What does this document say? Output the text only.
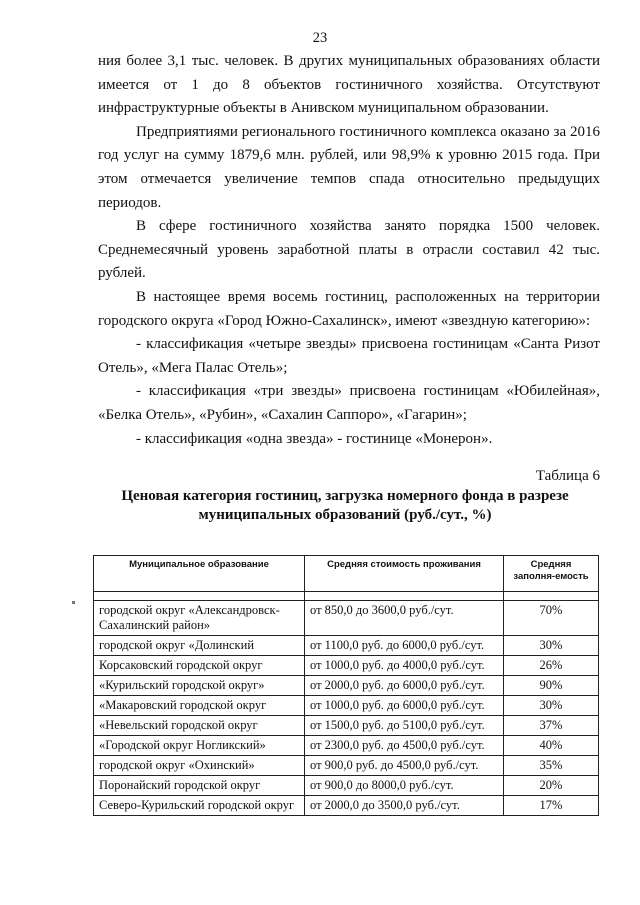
23

ния более 3,1 тыс. человек. В других муниципальных образованиях области имеется от 1 до 8 объектов гостиничного хозяйства. Отсутствуют инфраструктурные объекты в Анивском муниципальном образовании.

Предприятиями регионального гостиничного комплекса оказано за 2016 год услуг на сумму 1879,6 млн. рублей, или 98,9% к уровню 2015 года. При этом отмечается увеличение темпов спада относительно предыдущих периодов.

В сфере гостиничного хозяйства занято порядка 1500 человек. Среднемесячный уровень заработной платы в отрасли составил 42 тыс. рублей.

В настоящее время восемь гостиниц, расположенных на территории городского округа «Город Южно-Сахалинск», имеют «звездную категорию»:

- классификация «четыре звезды» присвоена гостиницам «Санта Ризот Отель», «Мега Палас Отель»;

- классификация «три звезды» присвоена гостиницам «Юбилейная», «Белка Отель», «Рубин», «Сахалин Саппоро», «Гагарин»;

- классификация «одна звезда» - гостинице «Монерон».

Таблица 6
Ценовая категория гостиниц, загрузка номерного фонда в разрезе муниципальных образований (руб./сут., %)
Муниципальное образование	Средняя стоимость проживания	Средняя заполня-емость

городской округ «Александровск-Сахалинский район»	от 850,0 до 3600,0 руб./сут.	70%
городской округ «Долинский	от 1100,0 руб. до 6000,0 руб./сут.	30%
Корсаковский городской округ	от 1000,0 руб. до 4000,0 руб./сут.	26%
«Курильский городской округ»	от 2000,0 руб. до 6000,0 руб./сут.	90%
«Макаровский городской округ	от 1000,0 руб. до 6000,0 руб./сут.	30%
«Невельский городской округ	от 1500,0 руб. до 5100,0 руб./сут.	37%
«Городской округ Ногликский»	от 2300,0 руб. до 4500,0 руб./сут.	40%
городской округ «Охинский»	от 900,0 руб. до 4500,0 руб./сут.	35%
Поронайский городской округ	от 900,0 до 8000,0 руб./сут.	20%
Северо-Курильский городской округ	от 2000,0 до 3500,0 руб./сут.	17%
